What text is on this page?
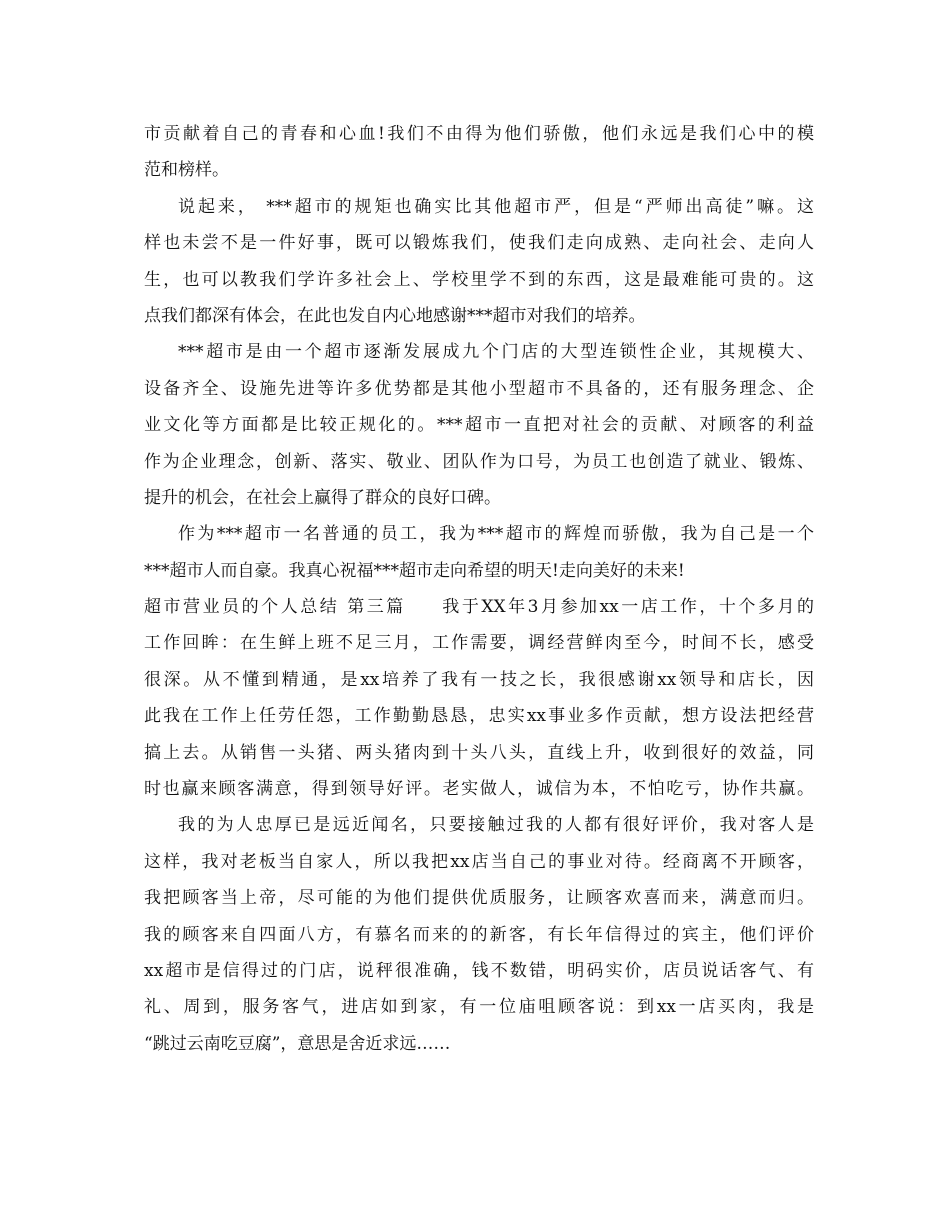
市贡献着自己的青春和心血!我们不由得为他们骄傲，他们永远是我们心中的模
范和榜样。
说起来， ***超市的规矩也确实比其他超市严，但是“严师出高徒”嘛。这
样也未尝不是一件好事，既可以锻炼我们，使我们走向成熟、走向社会、走向人
生，也可以教我们学许多社会上、学校里学不到的东西，这是最难能可贵的。这
点我们都深有体会，在此也发自内心地感谢***超市对我们的培养。
***超市是由一个超市逐渐发展成九个门店的大型连锁性企业，其规模大、
设备齐全、设施先进等许多优势都是其他小型超市不具备的，还有服务理念、企
业文化等方面都是比较正规化的。***超市一直把对社会的贡献、对顾客的利益
作为企业理念，创新、落实、敬业、团队作为口号，为员工也创造了就业、锻炼、
提升的机会，在社会上赢得了群众的良好口碑。
作为***超市一名普通的员工，我为***超市的辉煌而骄傲，我为自己是一个
***超市人而自豪。我真心祝福***超市走向希望的明天!走向美好的未来!
超市营业员的个人总结 第三篇 我于XX年3月参加xx一店工作，十个多月的
工作回眸：在生鲜上班不足三月，工作需要，调经营鲜肉至今，时间不长，感受
很深。从不懂到精通，是xx培养了我有一技之长，我很感谢xx领导和店长，因
此我在工作上任劳任怨，工作勤勤恳恳，忠实xx事业多作贡献，想方设法把经营
搞上去。从销售一头猪、两头猪肉到十头八头，直线上升，收到很好的效益，同
时也赢来顾客满意，得到领导好评。老实做人，诚信为本，不怕吃亏，协作共赢。
我的为人忠厚已是远近闻名，只要接触过我的人都有很好评价，我对客人是
这样，我对老板当自家人，所以我把xx店当自己的事业对待。经商离不开顾客，
我把顾客当上帝，尽可能的为他们提供优质服务，让顾客欢喜而来，满意而归。
我的顾客来自四面八方，有慕名而来的的新客，有长年信得过的宾主，他们评价
xx超市是信得过的门店，说秤很准确，钱不数错，明码实价，店员说话客气、有
礼、周到，服务客气，进店如到家，有一位庙咀顾客说：到xx一店买肉，我是
“跳过云南吃豆腐”，意思是舍近求远……
